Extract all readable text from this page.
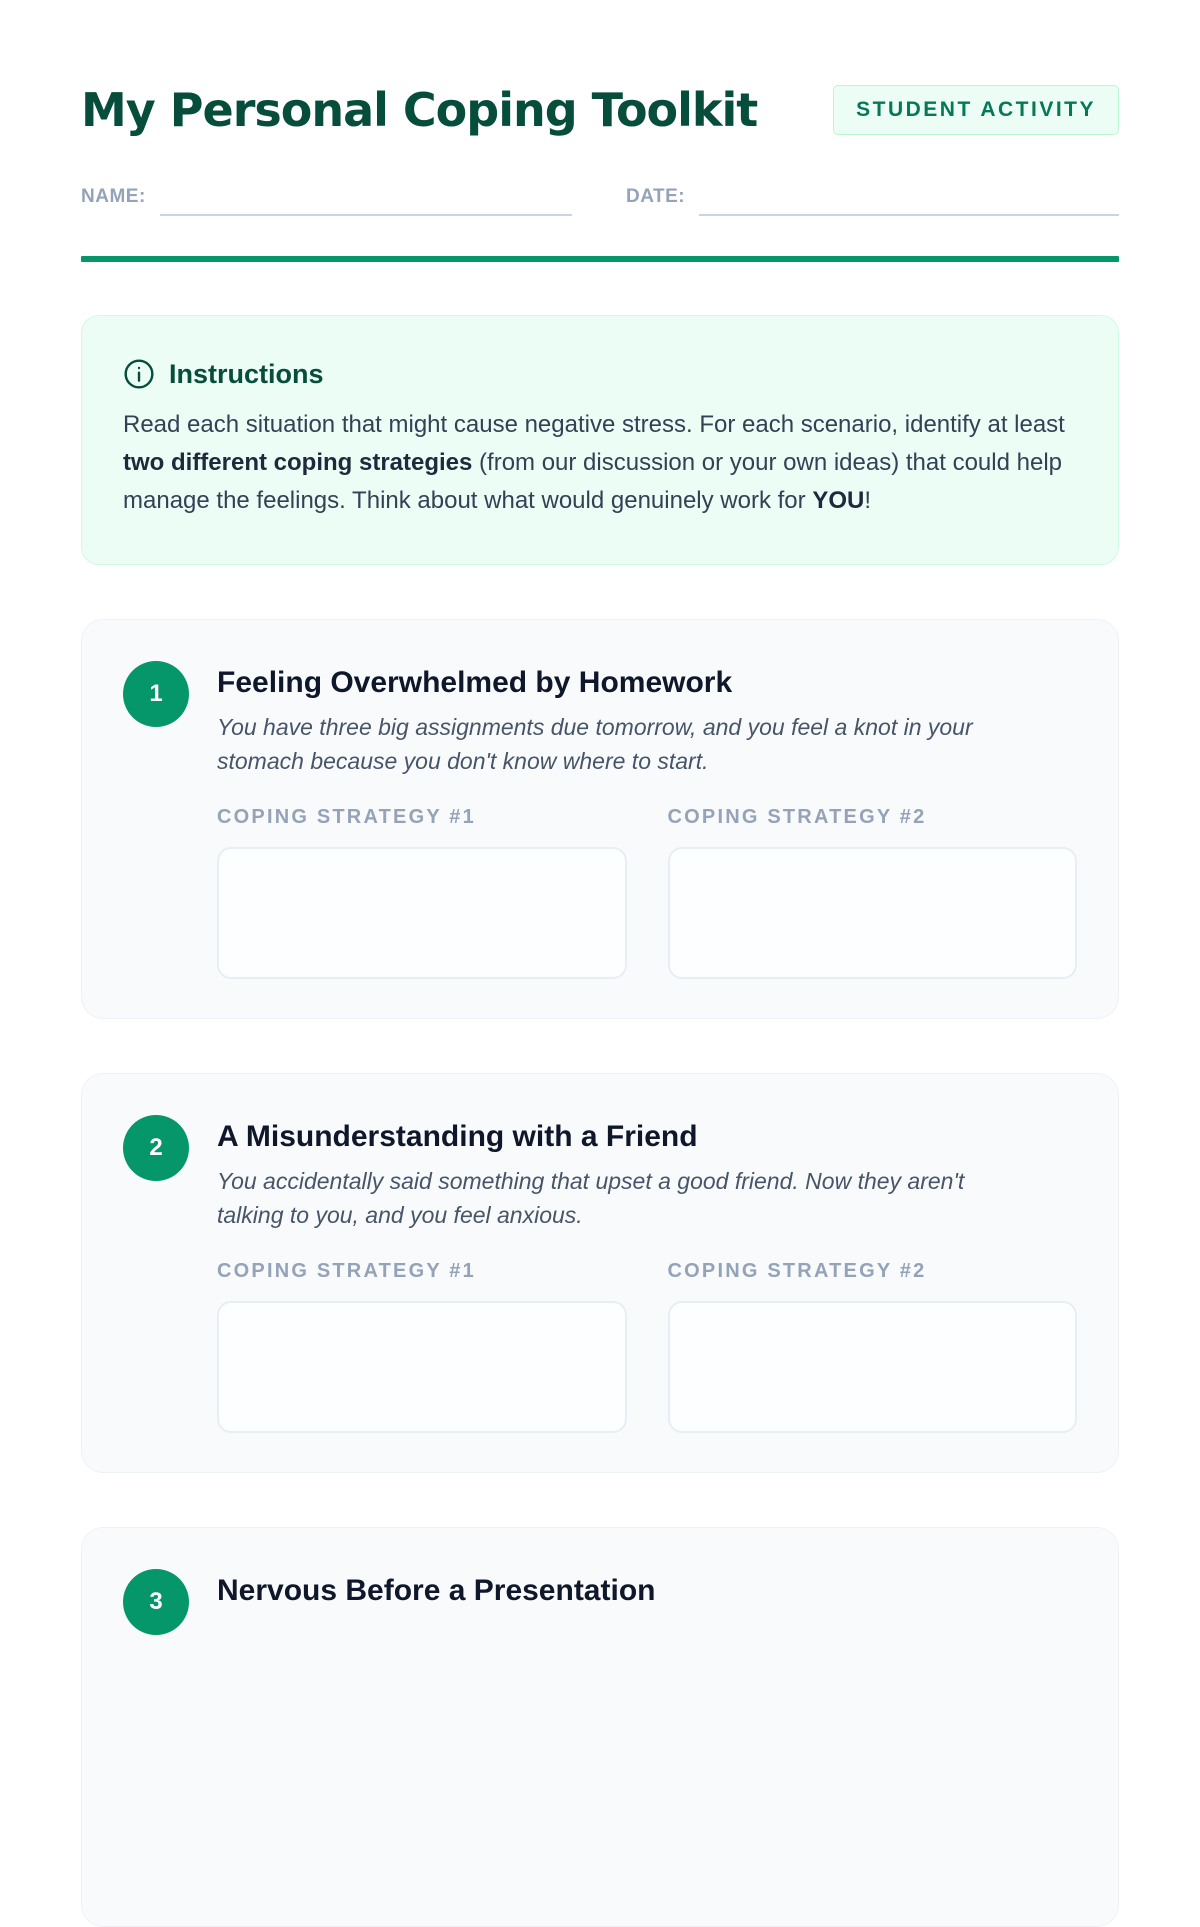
My Personal Coping Toolkit	STUDENT ACTIVITY
NAME:	DATE:
Instructions

Read each situation that might cause negative stress. For each scenario, identify at least two different coping strategies (from our discussion or your own ideas) that could help manage the feelings. Think about what would genuinely work for YOU!

1	Feeling Overwhelmed by Homework

You have three big assignments due tomorrow, and you feel a knot in your stomach because you don't know where to start.

COPING STRATEGY #1	COPING STRATEGY #2
2	A Misunderstanding with a Friend

You accidentally said something that upset a good friend. Now they aren't talking to you, and you feel anxious.

COPING STRATEGY #1	COPING STRATEGY #2
3	Nervous Before a Presentation
